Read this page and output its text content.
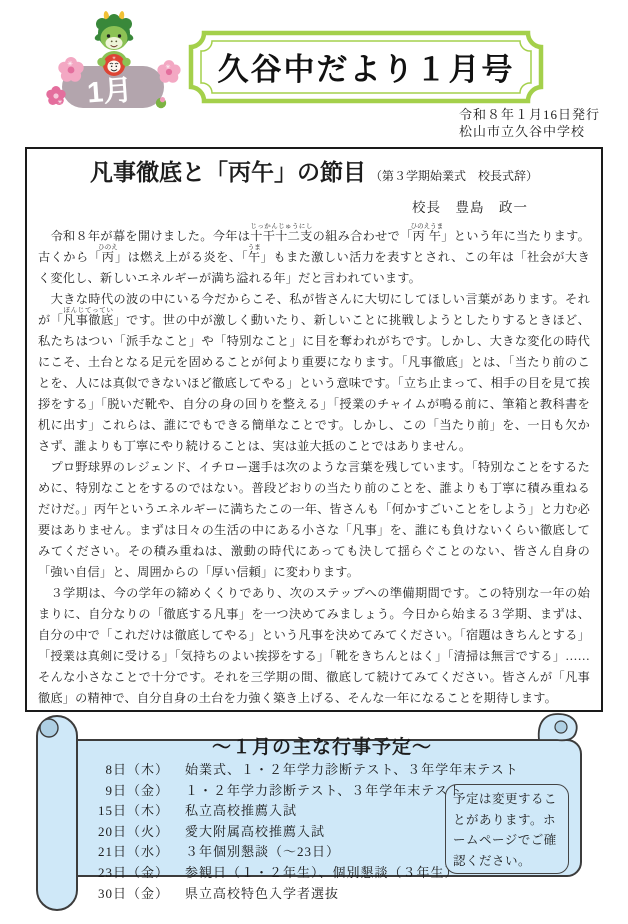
✳
✳
✳
✳
1月
久谷中だより１月号
令和８年１月16日発行
松山市立久谷中学校
凡事徹底と「丙午」の節目 （第３学期始業式　校長式辞）
校長　豊島　政一

　令和８年が幕を開けました。今年は十干十二支じっかんじゅうにしの組み合わせで「丙午ひのえうま」という年に当たります。古くから「丙ひのえ」は燃え上がる炎を、「午うま」もまた激しい活力を表すとされ、この年は「社会が大きく変化し、新しいエネルギーが満ち溢れる年」だと言われています。

　大きな時代の波の中にいる今だからこそ、私が皆さんに大切にしてほしい言葉があります。それが「凡事徹底ぼんじてってい」です。世の中が激しく動いたり、新しいことに挑戦しようとしたりするときほど、私たちはつい「派手なこと」や「特別なこと」に目を奪われがちです。しかし、大きな変化の時代にこそ、土台となる足元を固めることが何より重要になります。「凡事徹底」とは、「当たり前のことを、人には真似できないほど徹底してやる」という意味です。「立ち止まって、相手の目を見て挨拶をする」「脱いだ靴や、自分の身の回りを整える」「授業のチャイムが鳴る前に、筆箱と教科書を机に出す」これらは、誰にでもできる簡単なことです。しかし、この「当たり前」を、一日も欠かさず、誰よりも丁寧にやり続けることは、実は並大抵のことではありません。

　プロ野球界のレジェンド、イチロー選手は次のような言葉を残しています。「特別なことをするために、特別なことをするのではない。普段どおりの当たり前のことを、誰よりも丁寧に積み重ねるだけだ。」丙午というエネルギーに満ちたこの一年、皆さんも「何かすごいことをしよう」と力む必要はありません。まずは日々の生活の中にある小さな「凡事」を、誰にも負けないくらい徹底してみてください。その積み重ねは、激動の時代にあっても決して揺らぐことのない、皆さん自身の「強い自信」と、周囲からの「厚い信頼」に変わります。

　３学期は、今の学年の締めくくりであり、次のステップへの準備期間です。この特別な一年の始まりに、自分なりの「徹底する凡事」を一つ決めてみましょう。今日から始まる３学期、まずは、自分の中で「これだけは徹底してやる」という凡事を決めてみてください。「宿題はきちんとする」「授業は真剣に受ける」「気持ちのよい挨拶をする」「靴をきちんとはく」「清掃は無言でする」……そんな小さなことで十分です。それを三学期の間、徹底して続けてみてください。皆さんが「凡事徹底」の精神で、自分自身の土台を力強く築き上げる、そんな一年になることを期待します。

～１月の主な行事予定～
8日（木） 始業式、１・２年学力診断テスト、３年学年末テスト
9日（金） １・２年学力診断テスト、３年学年末テスト
15日（木） 私立高校推薦入試
20日（火） 愛大附属高校推薦入試
21日（水） ３年個別懇談（～23日）
23日（金） 参観日（１・２年生）、個別懇談（３年生）
30日（金） 県立高校特色入学者選抜
予定は変更することがあります。ホームページでご確認ください。
